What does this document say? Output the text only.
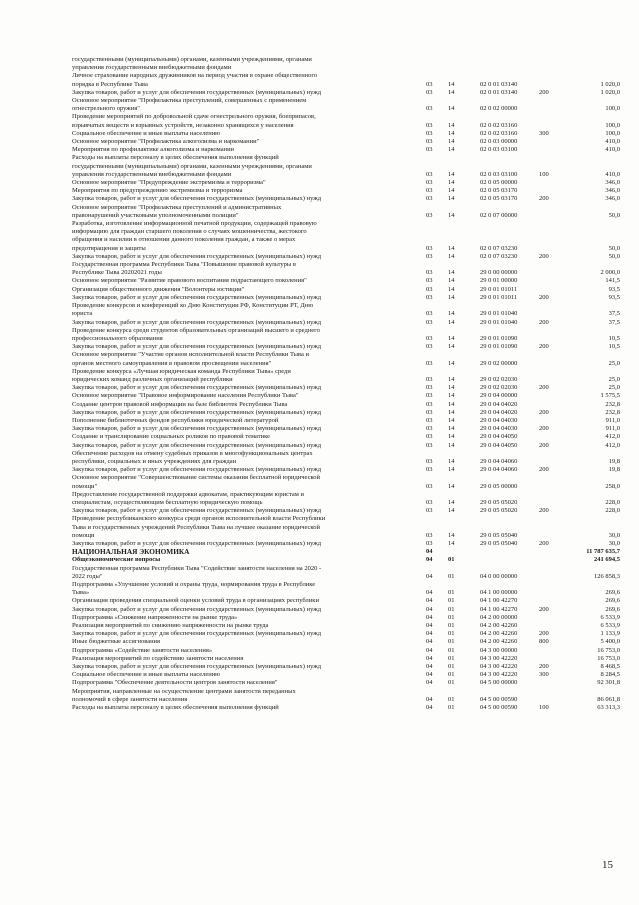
государственными (муниципальными) органами, казенными учреждениями, органами
управления государственными внебюджетными фондами
Личное страхование народных дружинников на период участия в охране общественного
порядка в Республике Тыва	03 14	02 0 01 03140	1 020,0
Закупка товаров, работ и услуг для обеспечения государственных (муниципальных) нужд	03 14	02 0 01 03140	200	1 020,0
Основное мероприятие "Профилактика преступлений, совершенных с применением
огнестрельного оружия"	03 14	02 0 02 00000	100,0
Проведение мероприятий по добровольной сдаче огнестрельного оружия, боеприпасов,
взрывчатых веществ и взрывных устройств, незаконно хранящихся у населения	03 14	02 0 02 03160	100,0
Социальное обеспечение и иные выплаты населению	03 14	02 0 02 03160	300	100,0
Основное мероприятие "Профилактика алкоголизма и наркомании"	03 14	02 0 03 00000	410,0
Мероприятия по профилактике алкоголизма и наркомании	03 14	02 0 03 03100	410,0
Расходы на выплаты персоналу в целях обеспечения выполнения функций
государственными (муниципальными) органами, казенными учреждениями, органами
управления государственными внебюджетными фондами	03 14	02 0 03 03100	100	410,0
Основное мероприятие "Предупреждение экстремизма и терроризма"	03 14	02 0 05 00000	346,0
Мероприятия по предупреждению экстремизма и терроризма	03 14	02 0 05 03170	346,0
Закупка товаров, работ и услуг для обеспечения государственных (муниципальных) нужд	03 14	02 0 05 03170	200	346,0
Основное мероприятие "Профилактика преступлений и административных
правонарушений участковыми уполномоченными полиции"	03 14	02 0 07 00000	50,0
Разработка, изготовление информационной печатной продукции, содержащей правовую
информацию для граждан старшего поколения о случаях мошенничества, жестокого
обращения и насилии в отношении данного поколения граждан, а также о мерах
предотвращения и защиты	03 14	02 0 07 03230	50,0
Закупка товаров, работ и услуг для обеспечения государственных (муниципальных) нужд	03 14	02 0 07 03230	200	50,0
Государственная программа Республики Тыва "Повышение правовой культуры в
Республике Тыва 20202021 годы	03 14	29 0 00 00000	2 000,0
Основное мероприятие "Развитие правового воспитания подрастающего поколения"	03 14	29 0 01 00000	141,5
Организация общественного движения "Волонтеры юстиции"	03 14	29 0 01 01011	93,5
Закупка товаров, работ и услуг для обеспечения государственных (муниципальных) нужд	03 14	29 0 01 01011	200	93,5
Проведение конкурсов и конференций ко Дню Конституции РФ, Конституции РТ, Дню
юриста	03 14	29 0 01 01040	37,5
Закупка товаров, работ и услуг для обеспечения государственных (муниципальных) нужд	03 14	29 0 01 01040	200	37,5
Проведение конкурса среди студентов образовательных организаций высшего и среднего
профессионального образования	03 14	29 0 01 01090	10,5
Закупка товаров, работ и услуг для обеспечения государственных (муниципальных) нужд	03 14	29 0 01 01090	200	10,5
Основное мероприятие "Участие органов исполнительной власти Республики Тыва и
органов местного самоуправления в правовом просвещении населения"	03 14	29 0 02 00000	25,0
Проведение конкурса «Лучшая юридическая команда Республики Тыва» среди
юридических команд различных организаций республики	03 14	29 0 02 02030	25,0
Закупка товаров, работ и услуг для обеспечения государственных (муниципальных) нужд	03 14	29 0 02 02030	200	25,0
Основное мероприятие "Правовое информирование населения Республики Тыва"	03 14	29 0 04 00000	1 575,5
Создание центров правовой информации на базе библиотек Республики Тыва	03 14	29 0 04 04020	232,8
Закупка товаров, работ и услуг для обеспечения государственных (муниципальных) нужд	03 14	29 0 04 04020	200	232,8
Пополнение библиотечных фондов республики юридической литературой	03 14	29 0 04 04030	911,0
Закупка товаров, работ и услуг для обеспечения государственных (муниципальных) нужд	03 14	29 0 04 04030	200	911,0
Создание и транслирование социальных роликов по правовой тематике	03 14	29 0 04 04050	412,0
Закупка товаров, работ и услуг для обеспечения государственных (муниципальных) нужд	03 14	29 0 04 04050	200	412,0
Обеспечение расходов на отмену судебных приказов в многофункциональных центрах
республики, социальных и иных учреждениях для граждан	03 14	29 0 04 04060	19,8
Закупка товаров, работ и услуг для обеспечения государственных (муниципальных) нужд	03 14	29 0 04 04060	200	19,8
Основное мероприятие "Совершенствование системы оказания бесплатной юридической
помощи"	03 14	29 0 05 00000	258,0
Предоставление государственной поддержки адвокатам, практикующим юристам и
специалистам, осуществляющим бесплатную юридическую помощь	03 14	29 0 05 05020	228,0
Закупка товаров, работ и услуг для обеспечения государственных (муниципальных) нужд	03 14	29 0 05 05020	200	228,0
Проведение республиканского конкурса среди органов исполнительной власти Республики
Тыва и государственных учреждений Республики Тыва на лучшее оказание юридической
помощи	03 14	29 0 05 05040	30,0
Закупка товаров, работ и услуг для обеспечения государственных (муниципальных) нужд	03 14	29 0 05 05040	200	30,0
НАЦИОНАЛЬНАЯ ЭКОНОМИКА	04	11 787 635,7
Общеэкономические вопросы	04 01	241 694,5
Государственная программа Республики Тыва "Содействие занятости населения на 2020 -
2022 годы"	04 01	04 0 00 00000	126 858,3
Подпрограмма «Улучшение условий и охраны труда, нормирования труда в Республике
Тыва»	04 01	04 1 00 00000	269,6
Организация проведения специальной оценки условий труда в организациях республики	04 01	04 1 00 42270	269,6
Закупка товаров, работ и услуг для обеспечения государственных (муниципальных) нужд	04 01	04 1 00 42270	200	269,6
Подпрограмма «Снижение напряженности на рынке труда»	04 01	04 2 00 00000	6 533,9
Реализация мероприятий по снижению напряженности на рынке труда	04 01	04 2 00 42260	6 533,9
Закупка товаров, работ и услуг для обеспечения государственных (муниципальных) нужд	04 01	04 2 00 42260	200	1 133,9
Иные бюджетные ассигнования	04 01	04 2 00 42260	800	5 400,0
Подпрограмма «Содействие занятости населения»	04 01	04 3 00 00000	16 753,0
Реализация мероприятий по содействию занятости населения	04 01	04 3 00 42220	16 753,0
Закупка товаров, работ и услуг для обеспечения государственных (муниципальных) нужд	04 01	04 3 00 42220	200	8 468,5
Социальное обеспечение и иные выплаты населению	04 01	04 3 00 42220	300	8 284,5
Подпрограмма "Обеспечение деятельности центров занятости населения"	04 01	04 5 00 00000	92 301,8
Мероприятия, направленные на осуществление центрами занятости переданных
полномочий в сфере занятости населения	04 01	04 5 00 00590	86 061,8
Расходы на выплаты персоналу в целях обеспечения выполнения функций	04 01	04 5 00 00590	100	63 313,3
15
